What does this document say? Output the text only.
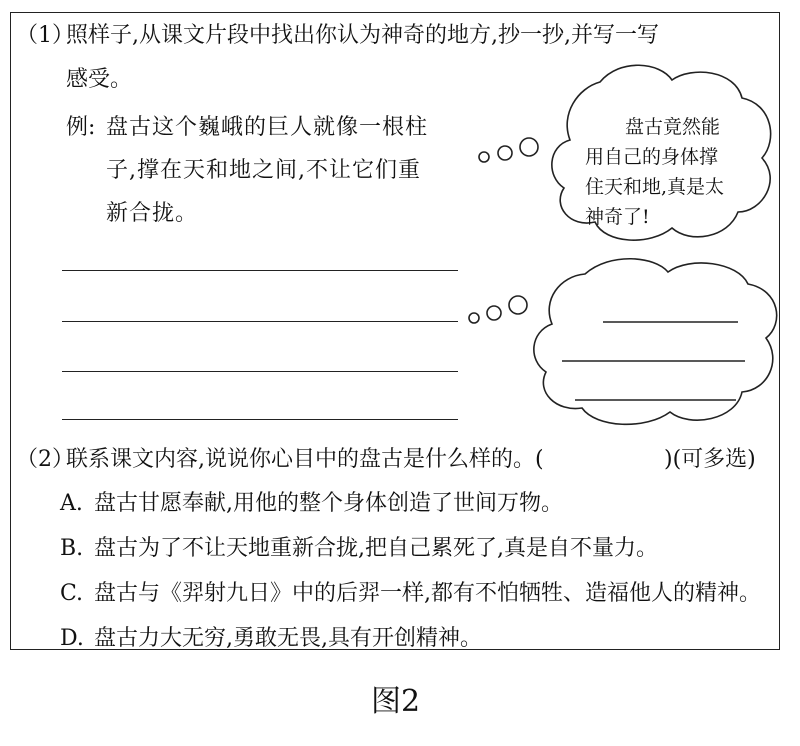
（1）
照样子,从课文片段中找出你认为神奇的地方,抄一抄,并写一写
感受。
例: 盘古这个巍峨的巨人就像一根柱
子,撑在天和地之间,不让它们重
新合拢。
盘古竟然能
用自己的身体撑
住天和地,真是太
神奇了!
（2）
联系课文内容,说说你心目中的盘古是什么样的。(	)(可多选)
A. 盘古甘愿奉献,用他的整个身体创造了世间万物。
B. 盘古为了不让天地重新合拢,把自己累死了,真是自不量力。
C. 盘古与《羿射九日》中的后羿一样,都有不怕牺牲、造福他人的精神。
D. 盘古力大无穷,勇敢无畏,具有开创精神。
图2
